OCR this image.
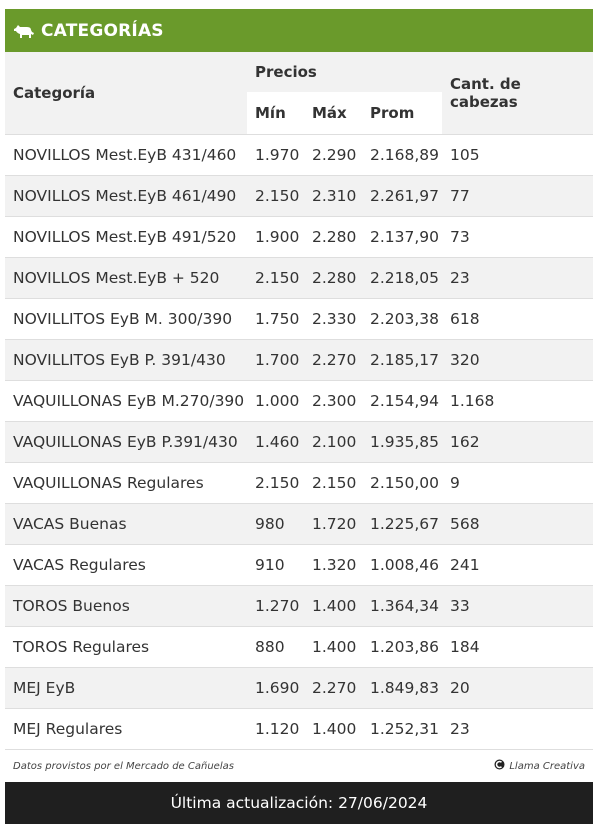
CATEGORÍAS
Categoría	Precios			Cant. de cabezas
	Mín	Máx	Prom	
NOVILLOS Mest.EyB 431/460	1.970	2.290	2.168,89	105
NOVILLOS Mest.EyB 461/490	2.150	2.310	2.261,97	77
NOVILLOS Mest.EyB 491/520	1.900	2.280	2.137,90	73
NOVILLOS Mest.EyB + 520	2.150	2.280	2.218,05	23
NOVILLITOS EyB M. 300/390	1.750	2.330	2.203,38	618
NOVILLITOS EyB P. 391/430	1.700	2.270	2.185,17	320
VAQUILLONAS EyB M.270/390	1.000	2.300	2.154,94	1.168
VAQUILLONAS EyB P.391/430	1.460	2.100	1.935,85	162
VAQUILLONAS Regulares	2.150	2.150	2.150,00	9
VACAS Buenas	980	1.720	1.225,67	568
VACAS Regulares	910	1.320	1.008,46	241
TOROS Buenos	1.270	1.400	1.364,34	33
TOROS Regulares	880	1.400	1.203,86	184
MEJ EyB	1.690	2.270	1.849,83	20
MEJ Regulares	1.120	1.400	1.252,31	23
Datos provistos por el Mercado de Cañuelas	Llama Creativa
Última actualización: 27/06/2024
